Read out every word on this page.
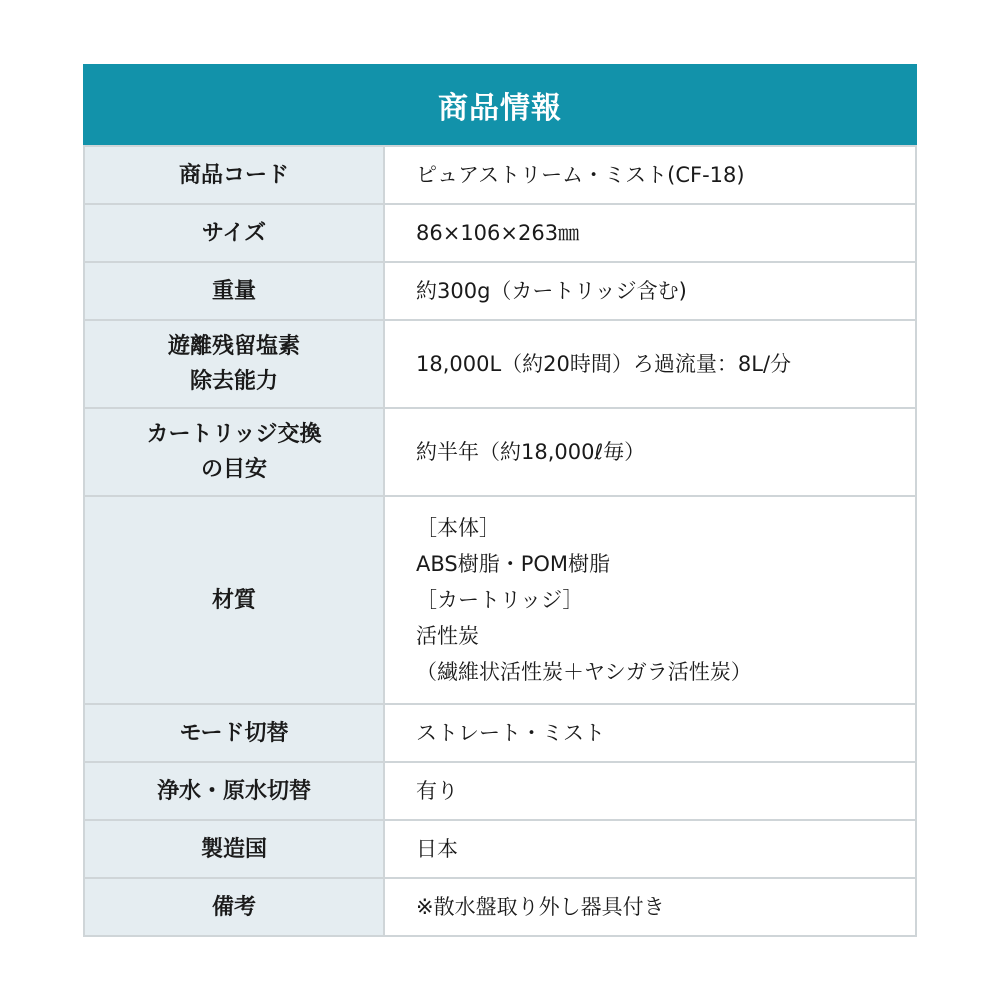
商品情報
商品コード	ピュアストリーム・ミスト(CF-18)

サイズ	86×106×263㎜

重量	約300g（カートリッジ含む)

遊離残留塩素
除去能力	18,000L（約20時間）ろ過流量：8L/分

カートリッジ交換
の目安	約半年（約18,000ℓ毎）

材質	［本体］
ABS樹脂・POM樹脂
［カートリッジ］
活性炭
（繊維状活性炭＋ヤシガラ活性炭）

モード切替	ストレート・ミスト

浄水・原水切替	有り

製造国	日本

備考	※散水盤取り外し器具付き
